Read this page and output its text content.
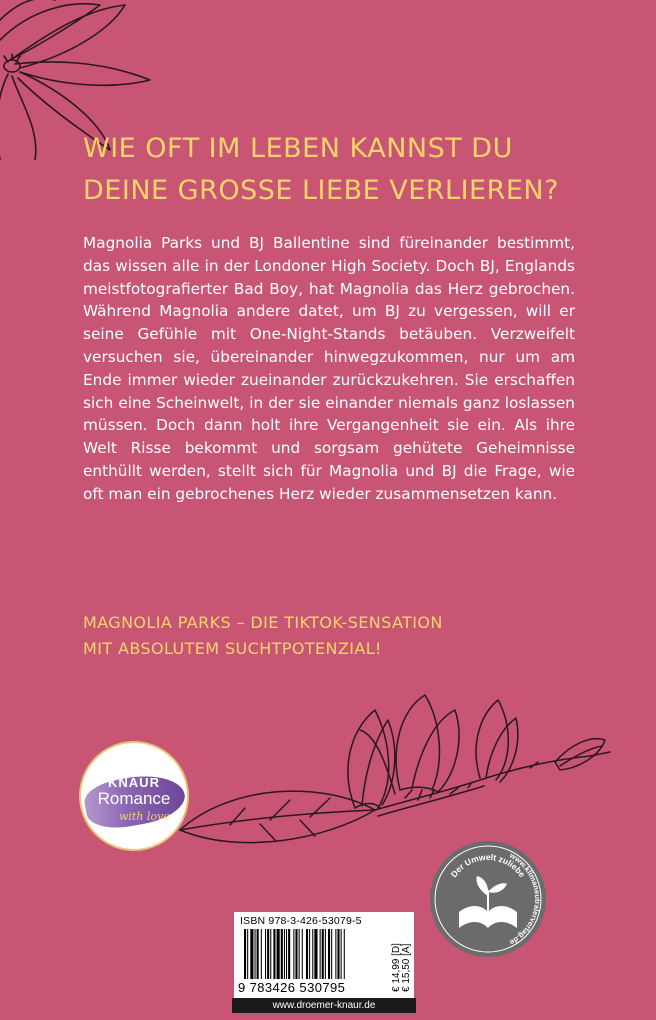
WIE OFT IM LEBEN KANNST DU
DEINE GROSSE LIEBE VERLIEREN?

Magnolia Parks und BJ Ballentine sind füreinander bestimmt, das wissen alle in der Londoner High Society. Doch BJ, Englands meistfotografierter Bad Boy, hat Magnolia das Herz gebrochen. Während Magnolia andere datet, um BJ zu vergessen, will er seine Gefühle mit One-Night-Stands betäuben. Verzweifelt versuchen sie, übereinander hinwegzukommen, nur um am Ende immer wieder zueinander zurückzukehren. Sie erschaffen sich eine Scheinwelt, in der sie einander niemals ganz loslassen müssen. Doch dann holt ihre Vergangenheit sie ein. Als ihre Welt Risse bekommt und sorgsam gehütete Geheimnisse enthüllt werden, stellt sich für Magnolia und BJ die Frage, wie oft man ein gebrochenes Herz wieder zusammensetzen kann.

MAGNOLIA PARKS – DIE TIKTOK-SENSATION
MIT ABSOLUTEM SUCHTPOTENZIAL!
KNAUR
Romance
with love
Der Umwelt zuliebe
www.klimaneutralerverlag.de
ISBN 978-3-426-53079-5
9 783426 530795	€ 14,99 [D] € 15,50 [A]
www.droemer-knaur.de
